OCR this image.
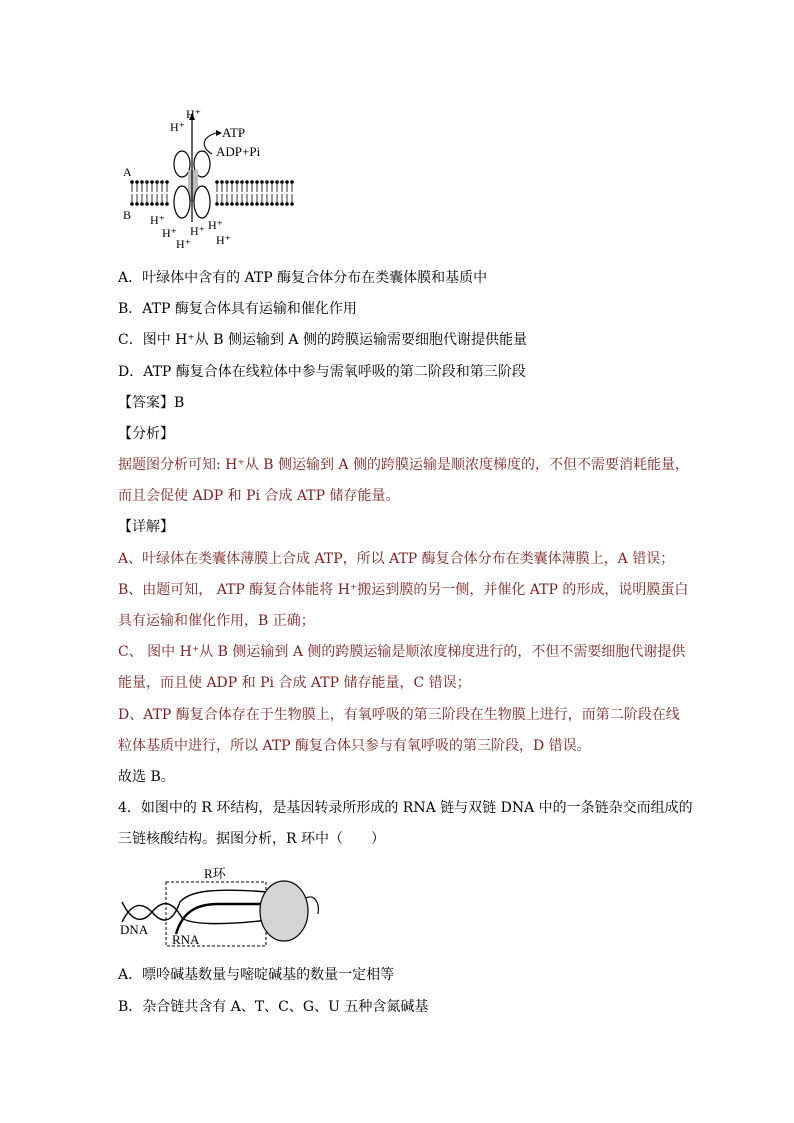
H⁺
H⁺	ATP
ADP+Pi
A
B H⁺
H⁺
H⁺
H⁺ H⁺
H⁺
A．叶绿体中含有的 ATP 酶复合体分布在类囊体膜和基质中
B．ATP 酶复合体具有运输和催化作用
C．图中 H⁺从 B 侧运输到 A 侧的跨膜运输需要细胞代谢提供能量
D．ATP 酶复合体在线粒体中参与需氧呼吸的第二阶段和第三阶段
【答案】B
【分析】
据题图分析可知: H⁺从 B 侧运输到 A 侧的跨膜运输是顺浓度梯度的，不但不需要消耗能量，
而且会促使 ADP 和 Pi 合成 ATP 储存能量。
【详解】
A、叶绿体在类囊体薄膜上合成 ATP，所以 ATP 酶复合体分布在类囊体薄膜上，A 错误；
B、由题可知， ATP 酶复合体能将 H⁺搬运到膜的另一侧，并催化 ATP 的形成，说明膜蛋白
具有运输和催化作用，B 正确；
C、 图中 H⁺从 B 侧运输到 A 侧的跨膜运输是顺浓度梯度进行的，不但不需要细胞代谢提供
能量，而且使 ADP 和 Pi 合成 ATP 储存能量，C 错误；
D、ATP 酶复合体存在于生物膜上，有氧呼吸的第三阶段在生物膜上进行，而第二阶段在线
粒体基质中进行，所以 ATP 酶复合体只参与有氧呼吸的第三阶段，D 错误。
故选 B。
4．如图中的 R 环结构，是基因转录所形成的 RNA 链与双链 DNA 中的一条链杂交而组成的
三链核酸结构。据图分析，R 环中（　　）
R环
DNA
RNA
A．嘌呤碱基数量与嘧啶碱基的数量一定相等
B．杂合链共含有 A、T、C、G、U 五种含氮碱基
